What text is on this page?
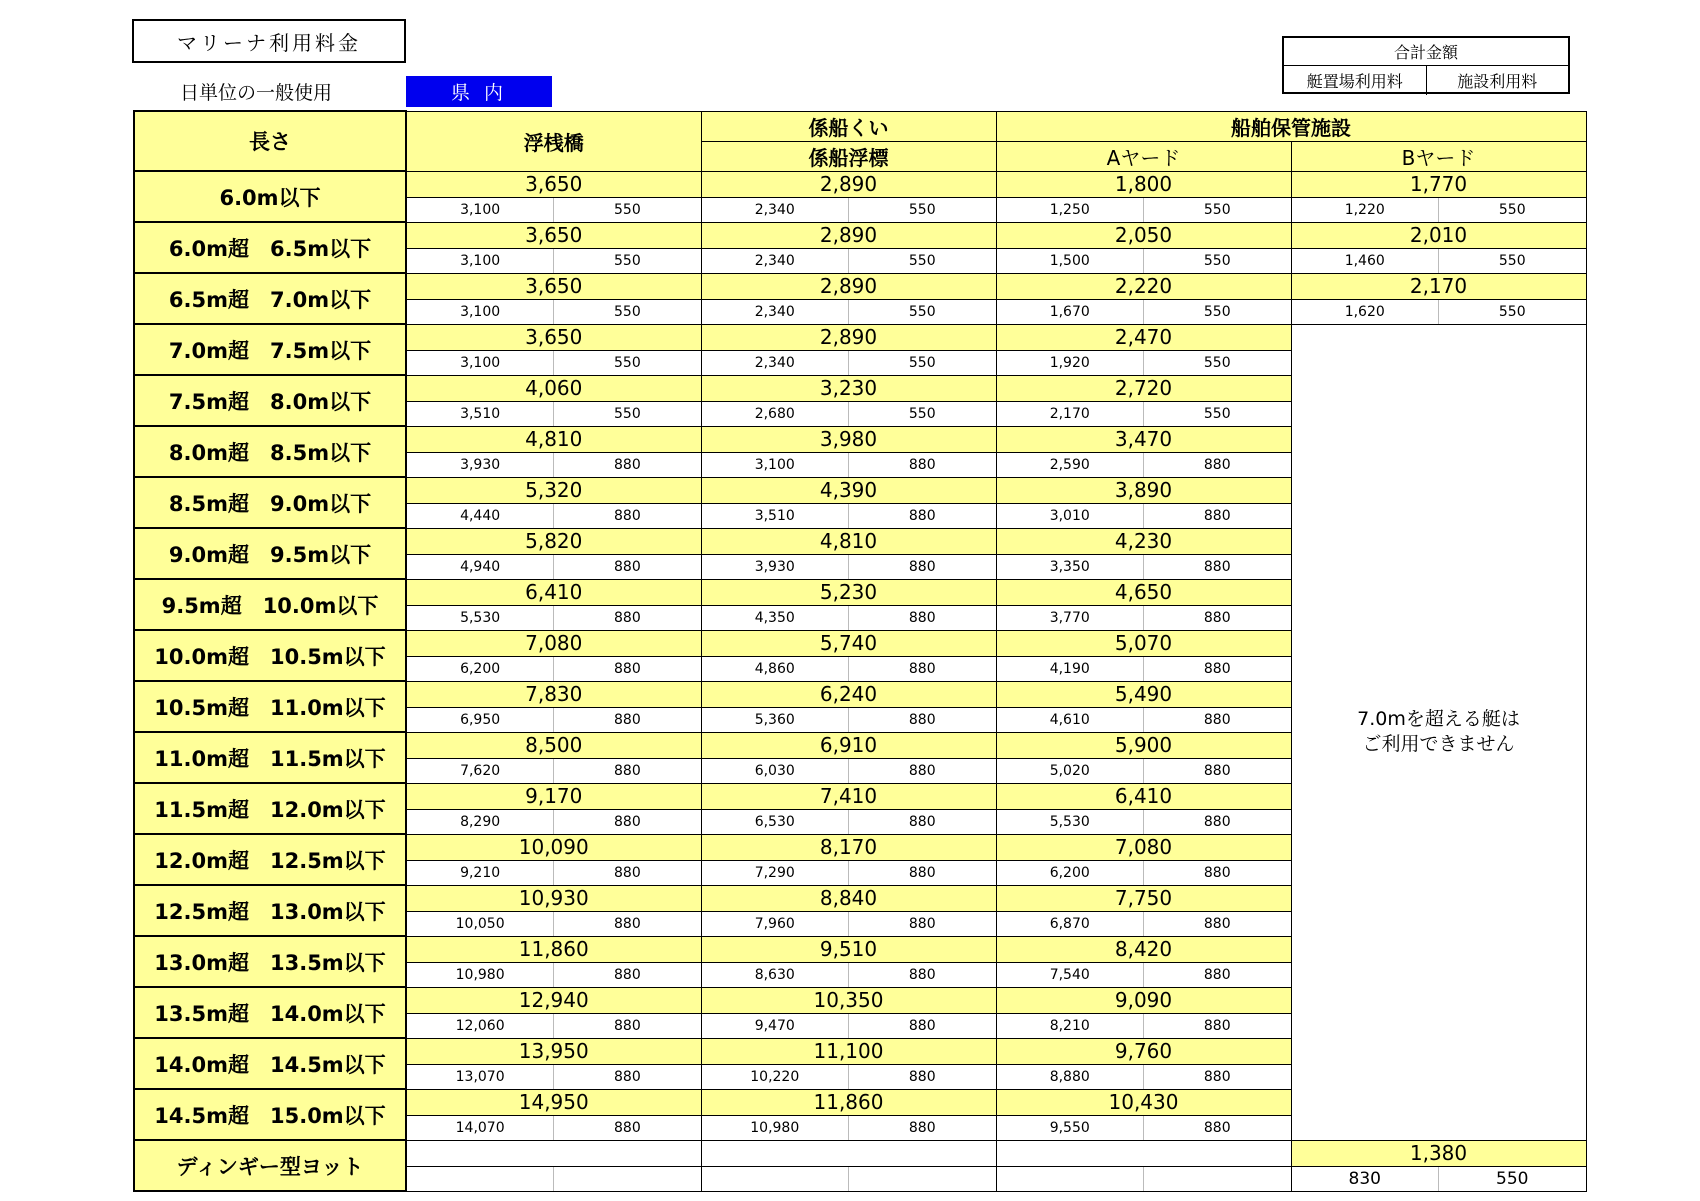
マリーナ利用料金
日単位の一般使用	県 内
合計金額
艇置場利用料	施設利用料
長さ	浮桟橋	係船くい	船舶保管施設	
		係船浮標	Aヤード	Bヤード
6.0m以下	3,650	2,890	1,800	1,770

	3,100 550	2,340 550	1,250 550	1,220 550

6.0m超　6.5m以下	3,650	2,890	2,050	2,010

	3,100 550	2,340 550	1,500 550	1,460 550

6.5m超　7.0m以下	3,650	2,890	2,220	2,170

	3,100 550	2,340 550	1,670 550	1,620 550

7.0m超　7.5m以下	3,650	2,890	2,470	7.0mを超える艇は
ご利用できません

	3,100 550	2,340 550	1,920 550	

7.5m超　8.0m以下	4,060	3,230	2,720	

	3,510 550	2,680 550	2,170 550	

8.0m超　8.5m以下	4,810	3,980	3,470	

	3,930 880	3,100 880	2,590 880	

8.5m超　9.0m以下	5,320	4,390	3,890	

	4,440 880	3,510 880	3,010 880	

9.0m超　9.5m以下	5,820	4,810	4,230	

	4,940 880	3,930 880	3,350 880	

9.5m超　10.0m以下	6,410	5,230	4,650	

	5,530 880	4,350 880	3,770 880	

10.0m超　10.5m以下	7,080	5,740	5,070	

	6,200 880	4,860 880	4,190 880	

10.5m超　11.0m以下	7,830	6,240	5,490	

	6,950 880	5,360 880	4,610 880	

11.0m超　11.5m以下	8,500	6,910	5,900	

	7,620 880	6,030 880	5,020 880	

11.5m超　12.0m以下	9,170	7,410	6,410	

	8,290 880	6,530 880	5,530 880	

12.0m超　12.5m以下	10,090	8,170	7,080	

	9,210 880	7,290 880	6,200 880	

12.5m超　13.0m以下	10,930	8,840	7,750	

	10,050 880	7,960 880	6,870 880	

13.0m超　13.5m以下	11,860	9,510	8,420	

	10,980 880	8,630 880	7,540 880	

13.5m超　14.0m以下	12,940	10,350	9,090	

	12,060 880	9,470 880	8,210 880	

14.0m超　14.5m以下	13,950	11,100	9,760	

	13,070 880	10,220 880	8,880 880	

14.5m超　15.0m以下	14,950	11,860	10,430	

	14,070 880	10,980 880	9,550 880	

ディンギー型ヨット				1,380

				830 550
